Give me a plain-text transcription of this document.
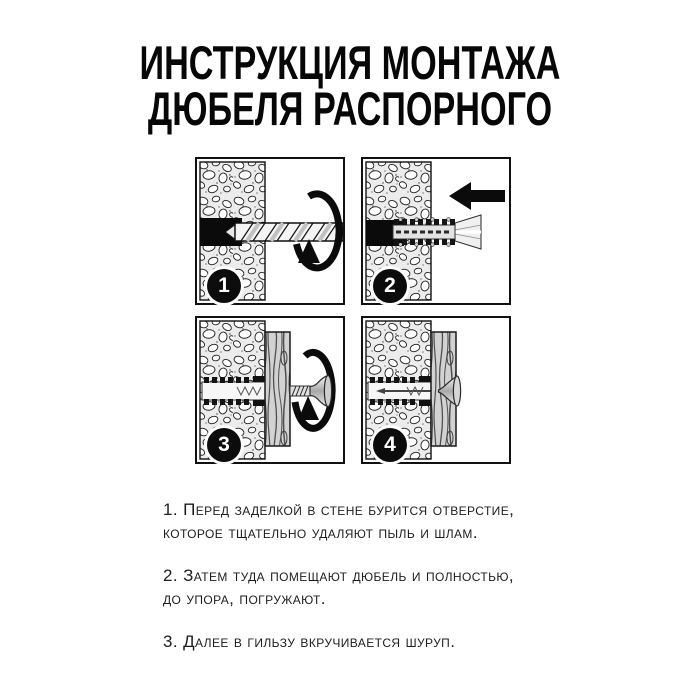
ИНСТРУКЦИЯ МОНТАЖА
ДЮБЕЛЯ РАСПОРНОГО
1	2
3	4
1. Перед заделкой в стене бурится отверстие,
которое тщательно удаляют пыль и шлам.
2. Затем туда помещают дюбель и полностью,
до упора, погружают.
3. Далее в гильзу вкручивается шуруп.
